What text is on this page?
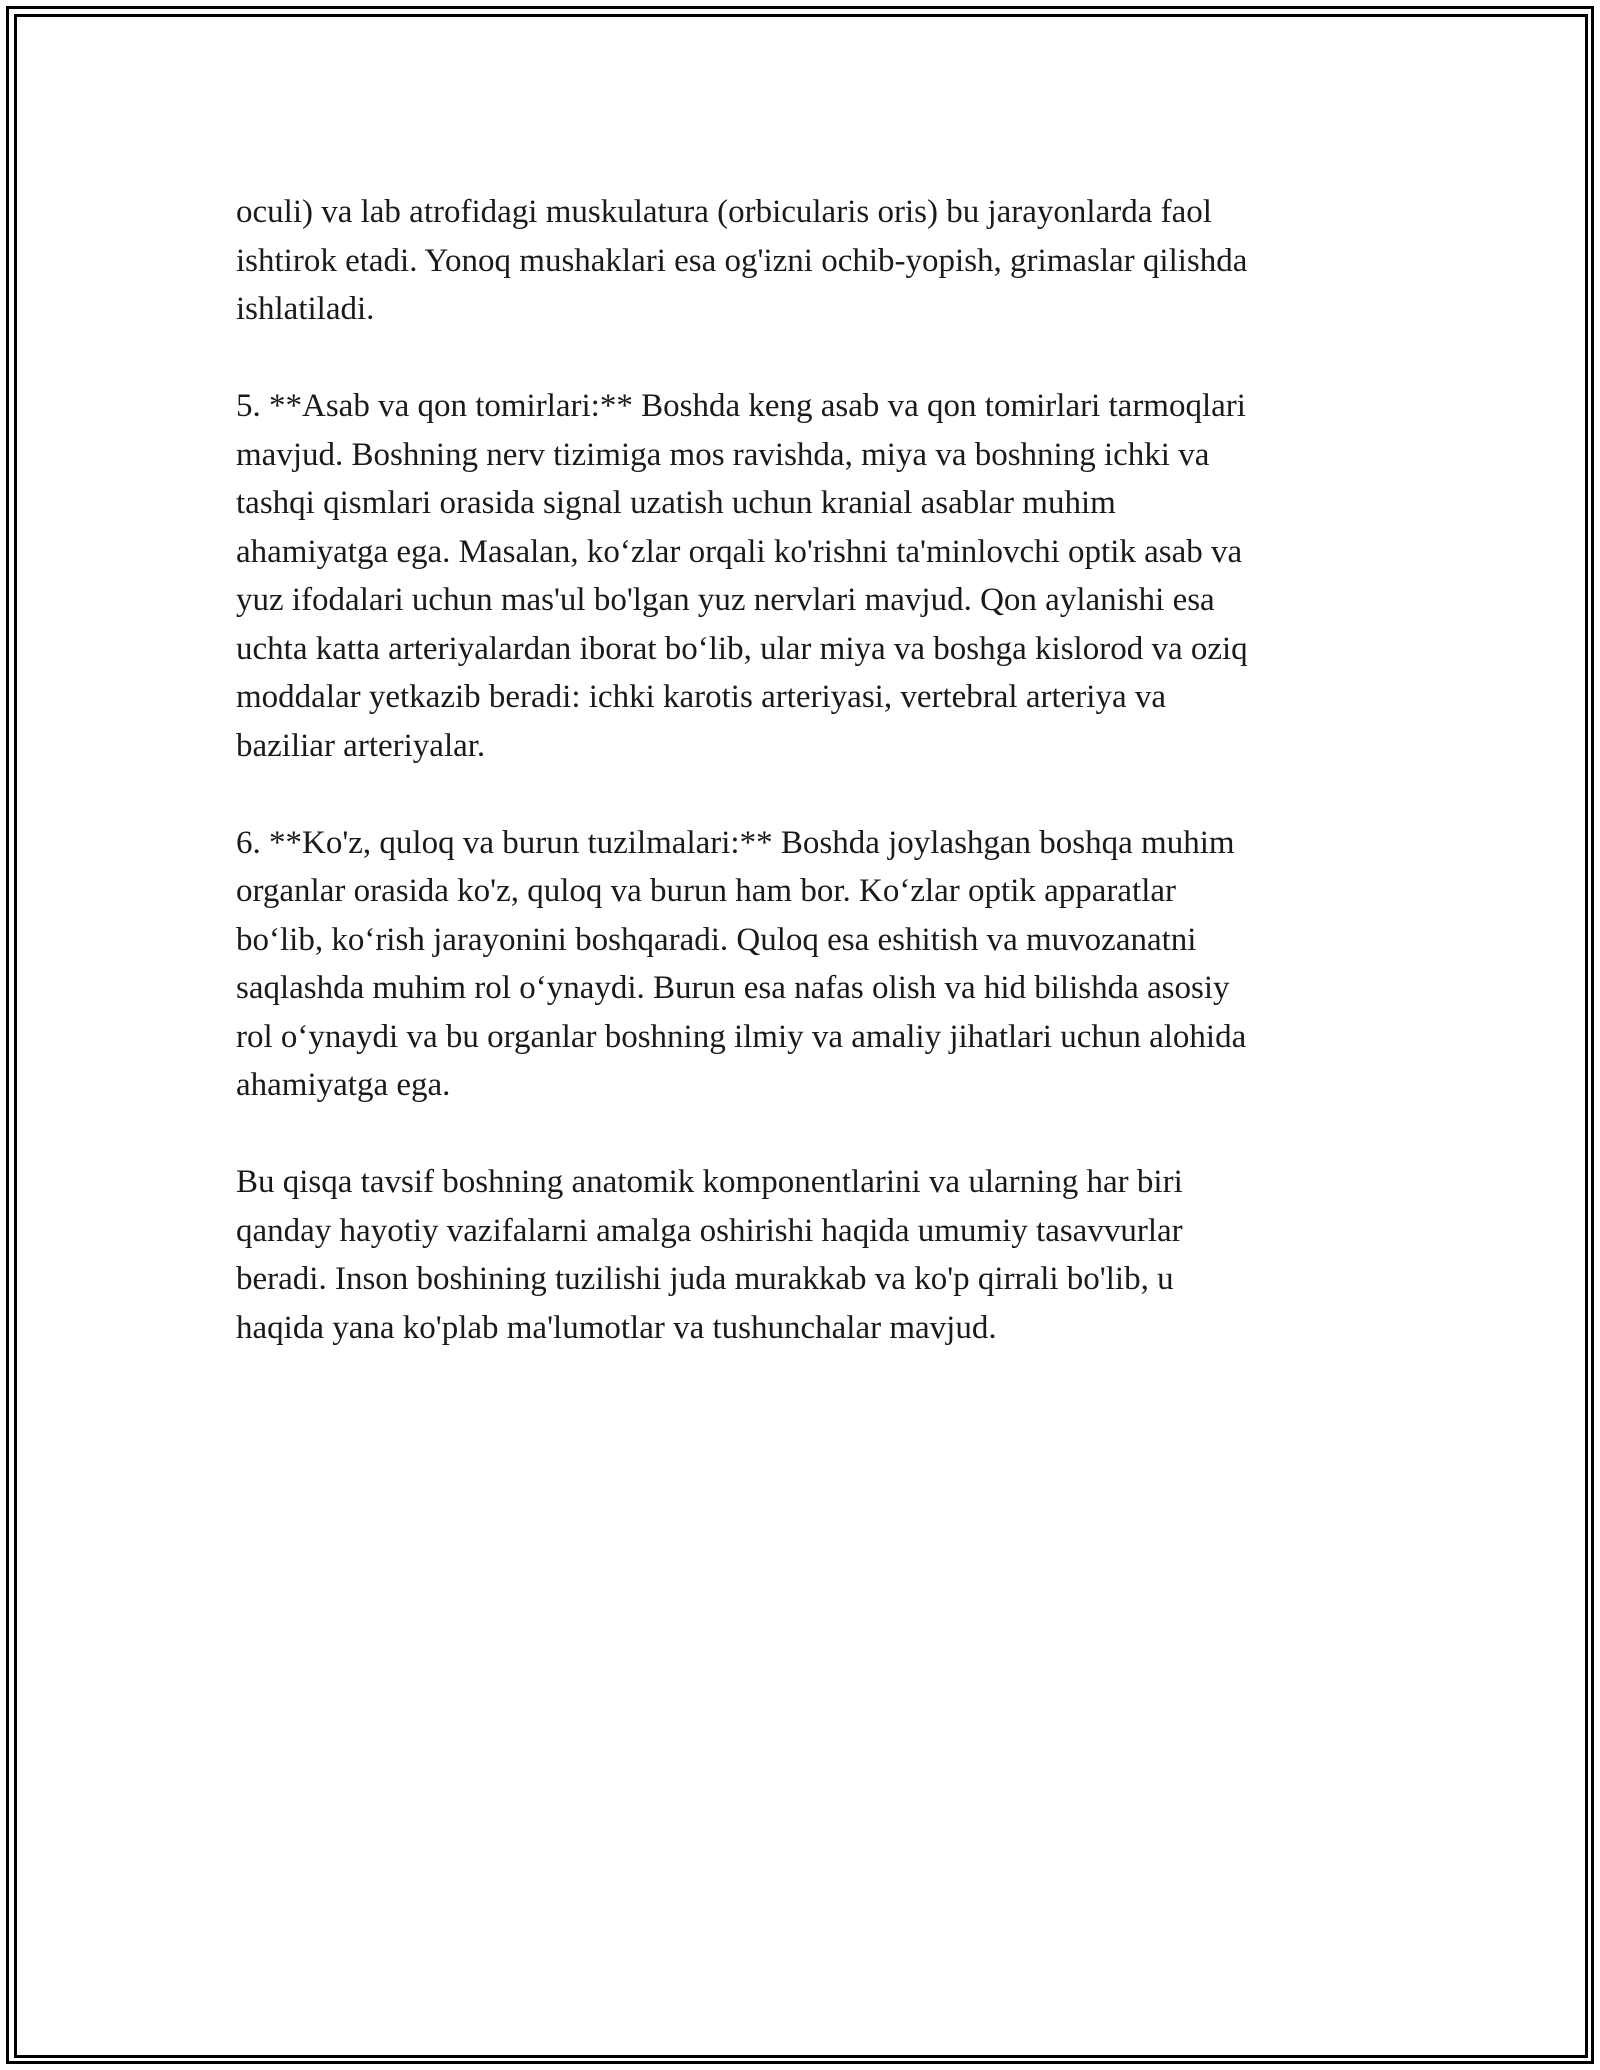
oculi) va lab atrofidagi muskulatura (orbicularis oris) bu jarayonlarda faol
ishtirok etadi. Yonoq mushaklari esa og'izni ochib-yopish, grimaslar qilishda
ishlatiladi.

5. **Asab va qon tomirlari:** Boshda keng asab va qon tomirlari tarmoqlari
mavjud. Boshning nerv tizimiga mos ravishda, miya va boshning ichki va
tashqi qismlari orasida signal uzatish uchun kranial asablar muhim
ahamiyatga ega. Masalan, ko‘zlar orqali ko'rishni ta'minlovchi optik asab va
yuz ifodalari uchun mas'ul bo'lgan yuz nervlari mavjud. Qon aylanishi esa
uchta katta arteriyalardan iborat bo‘lib, ular miya va boshga kislorod va oziq
moddalar yetkazib beradi: ichki karotis arteriyasi, vertebral arteriya va
baziliar arteriyalar.

6. **Ko'z, quloq va burun tuzilmalari:** Boshda joylashgan boshqa muhim
organlar orasida ko'z, quloq va burun ham bor. Ko‘zlar optik apparatlar
bo‘lib, ko‘rish jarayonini boshqaradi. Quloq esa eshitish va muvozanatni
saqlashda muhim rol o‘ynaydi. Burun esa nafas olish va hid bilishda asosiy
rol o‘ynaydi va bu organlar boshning ilmiy va amaliy jihatlari uchun alohida
ahamiyatga ega.

Bu qisqa tavsif boshning anatomik komponentlarini va ularning har biri
qanday hayotiy vazifalarni amalga oshirishi haqida umumiy tasavvurlar
beradi. Inson boshining tuzilishi juda murakkab va ko'p qirrali bo'lib, u
haqida yana ko'plab ma'lumotlar va tushunchalar mavjud.
